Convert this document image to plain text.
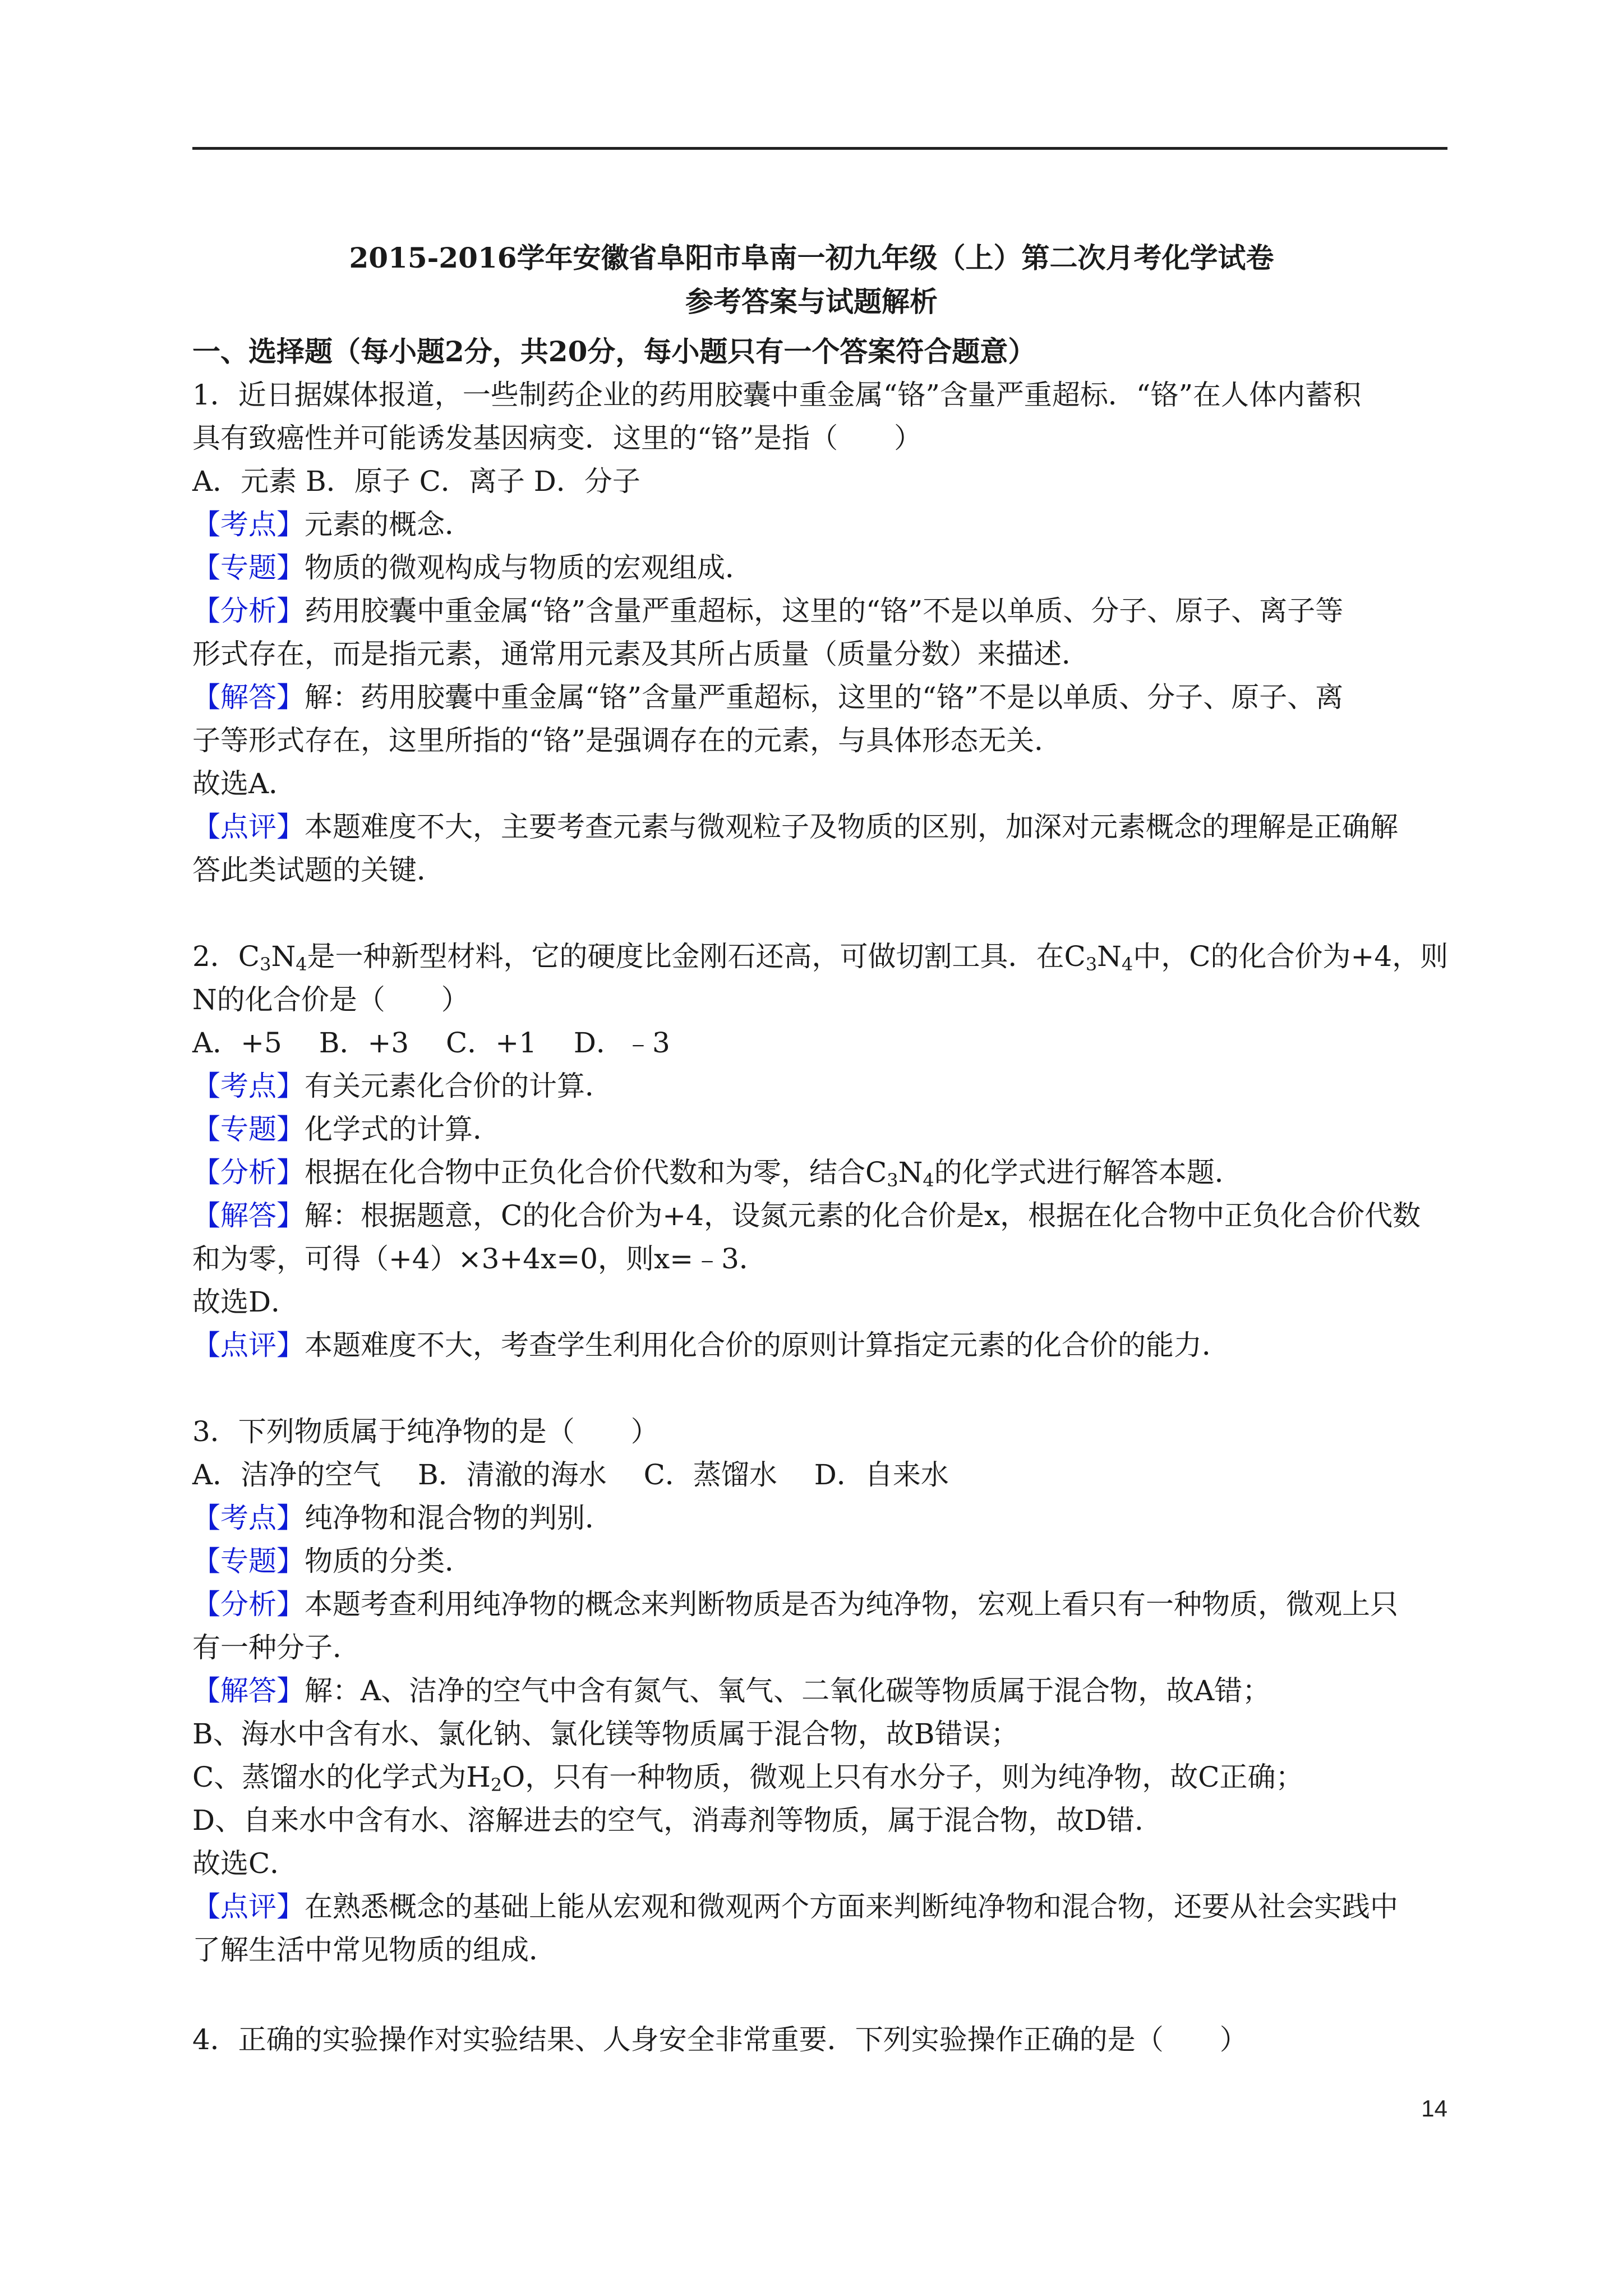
2015-2016学年安徽省阜阳市阜南一初九年级（上）第二次月考化学试卷
参考答案与试题解析
一、选择题（每小题2分，共20分，每小题只有一个答案符合题意）
1．近日据媒体报道，一些制药企业的药用胶囊中重金属“铬”含量严重超标．“铬”在人体内蓄积
具有致癌性并可能诱发基因病变．这里的“铬”是指（　　）
A．元素 B．原子 C．离子 D．分子
【考点】元素的概念．
【专题】物质的微观构成与物质的宏观组成．
【分析】药用胶囊中重金属“铬”含量严重超标，这里的“铬”不是以单质、分子、原子、离子等
形式存在，而是指元素，通常用元素及其所占质量（质量分数）来描述．
【解答】解：药用胶囊中重金属“铬”含量严重超标，这里的“铬”不是以单质、分子、原子、离
子等形式存在，这里所指的“铬”是强调存在的元素，与具体形态无关．
故选A．
【点评】本题难度不大，主要考查元素与微观粒子及物质的区别，加深对元素概念的理解是正确解
答此类试题的关键．
2．$C_3N_4$是一种新型材料，它的硬度比金刚石还高，可做切割工具．在$C_3N_4$中，C的化合价为+4，则
N的化合价是（　　）
A．+5　 B．+3　 C．+1　 D．﹣3
【考点】有关元素化合价的计算．
【专题】化学式的计算．
【分析】根据在化合物中正负化合价代数和为零，结合$C_3N_4$的化学式进行解答本题．
【解答】解：根据题意，C的化合价为+4，设氮元素的化合价是x，根据在化合物中正负化合价代数
和为零，可得（+4）×3+4x=0，则x=﹣3．
故选D．
【点评】本题难度不大，考查学生利用化合价的原则计算指定元素的化合价的能力．
3．下列物质属于纯净物的是（　　）
A．洁净的空气　 B．清澈的海水　 C．蒸馏水　 D．自来水
【考点】纯净物和混合物的判别．
【专题】物质的分类．
【分析】本题考查利用纯净物的概念来判断物质是否为纯净物，宏观上看只有一种物质，微观上只
有一种分子．
【解答】解：A、洁净的空气中含有氮气、氧气、二氧化碳等物质属于混合物，故A错；
B、海水中含有水、氯化钠、氯化镁等物质属于混合物，故B错误；
C、蒸馏水的化学式为$H_2O$，只有一种物质，微观上只有水分子，则为纯净物，故C正确；
D、自来水中含有水、溶解进去的空气，消毒剂等物质，属于混合物，故D错．
故选C．
【点评】在熟悉概念的基础上能从宏观和微观两个方面来判断纯净物和混合物，还要从社会实践中
了解生活中常见物质的组成．
4．正确的实验操作对实验结果、人身安全非常重要．下列实验操作正确的是（　　）
14
